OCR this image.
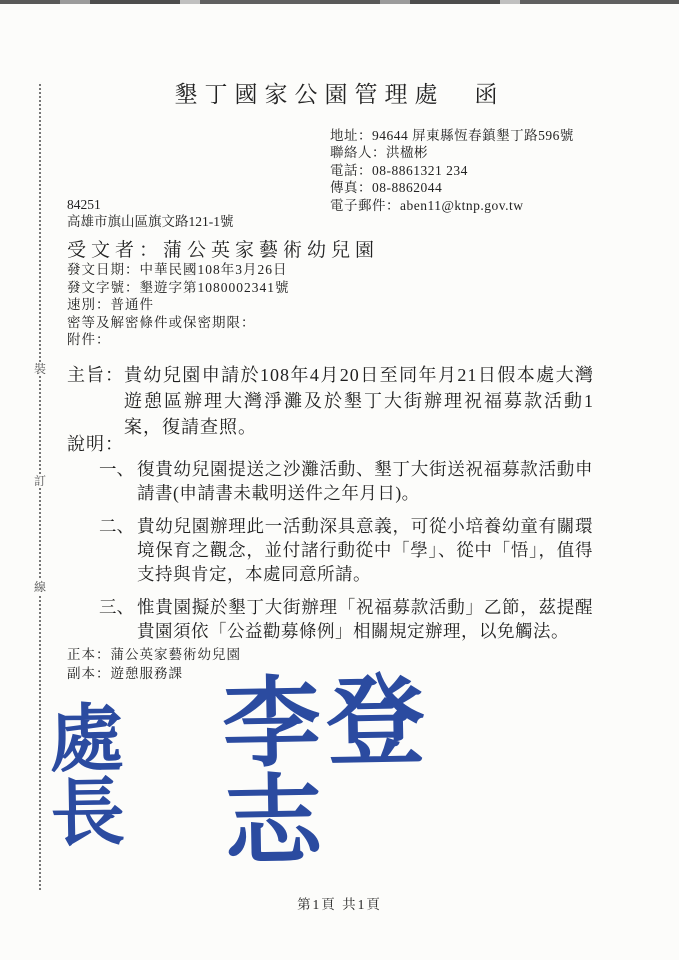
裝
訂
線
墾丁國家公園管理處　函
地址：94644 屏東縣恆春鎮墾丁路596號
聯絡人：洪楹彬
電話：08-8861321 234
傳真：08-8862044
電子郵件：aben11@ktnp.gov.tw
84251
高雄市旗山區旗文路121-1號
受文者：蒲公英家藝術幼兒園
發文日期：中華民國108年3月26日
發文字號：墾遊字第1080002341號
速別：普通件
密等及解密條件或保密期限：
附件：
主旨： 貴幼兒園申請於108年4月20日至同年月21日假本處大灣遊憩區辦理大灣淨灘及於墾丁大街辦理祝福募款活動1案，復請查照。
說明：
一、 復貴幼兒園提送之沙灘活動、墾丁大街送祝福募款活動申請書(申請書未載明送件之年月日)。
二、 貴幼兒園辦理此一活動深具意義，可從小培養幼童有關環境保育之觀念，並付諸行動從中「學」、從中「悟」，值得支持與肯定，本處同意所請。
三、 惟貴園擬於墾丁大街辦理「祝福募款活動」乙節，茲提醒貴園須依「公益勸募條例」相關規定辦理，以免觸法。
正本：蒲公英家藝術幼兒園
副本：遊憩服務課
處長
李登志
第1頁 共1頁
